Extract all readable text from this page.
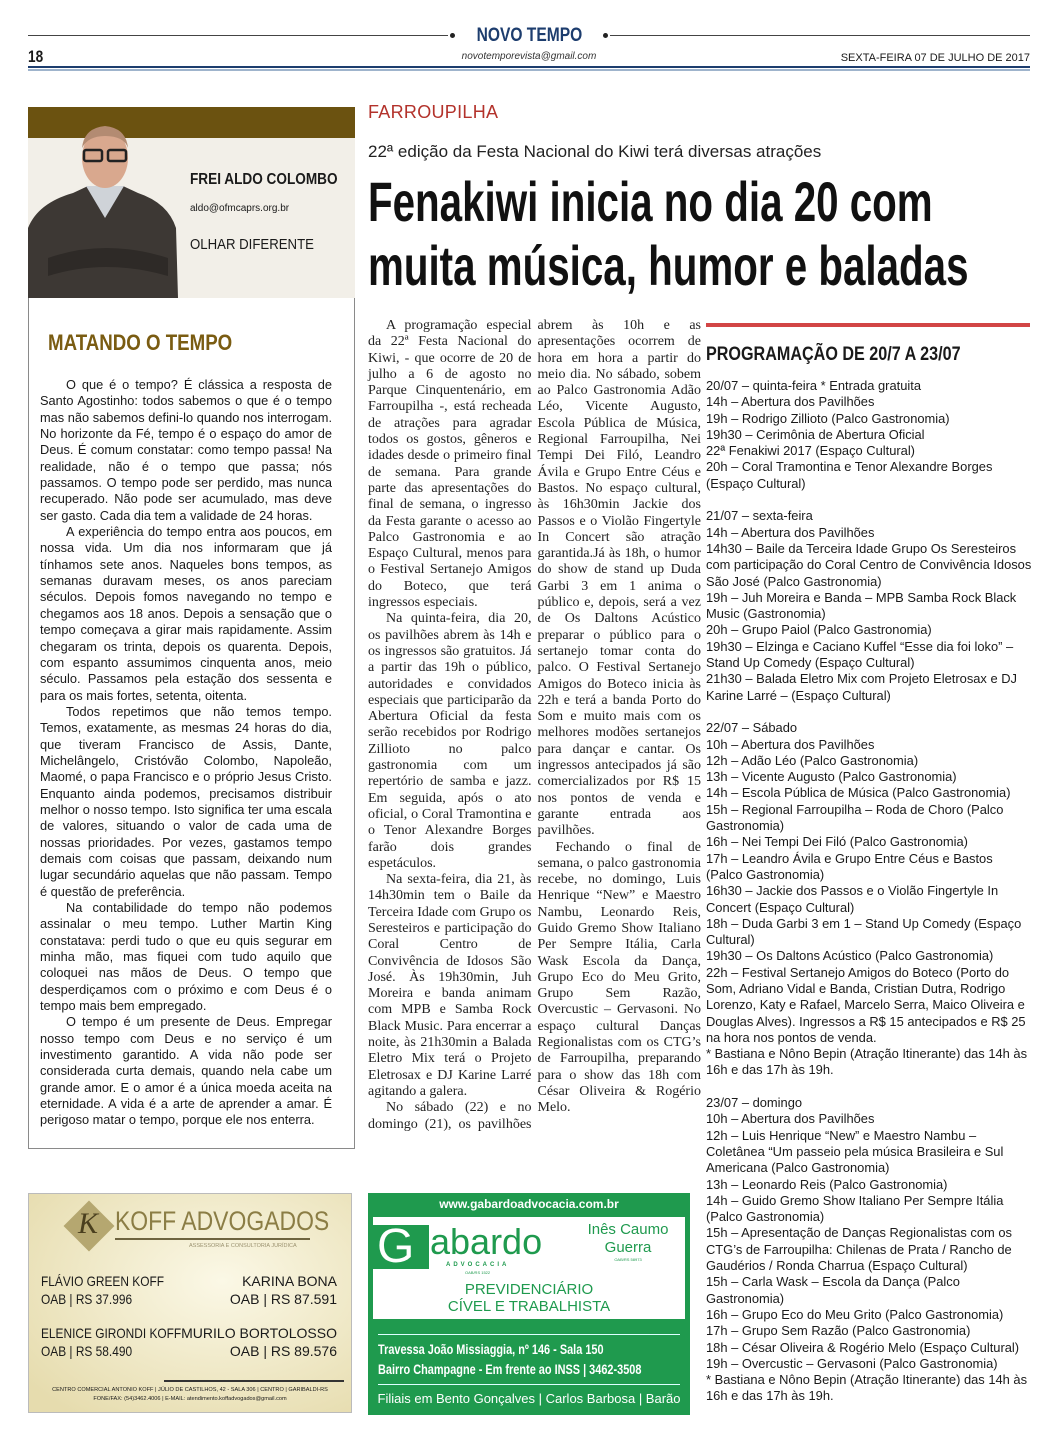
NOVO TEMPO
18	novotemporevista@gmail.com	SEXTA-FEIRA 07 DE JULHO DE 2017
FREI ALDO COLOMBO
aldo@ofmcaprs.org.br
OLHAR DIFERENTE
MATANDO O TEMPO

O que é o tempo? É clássica a resposta de Santo Agostinho: todos sabemos o que é o tempo mas não sabemos defini-lo quando nos interrogam. No horizonte da Fé, tempo é o espaço do amor de Deus. É comum constatar: como tempo passa! Na realidade, não é o tempo que passa; nós passamos. O tempo pode ser perdido, mas nunca recuperado. Não pode ser acumulado, mas deve ser gasto. Cada dia tem a validade de 24 horas.

A experiência do tempo entra aos poucos, em nossa vida. Um dia nos informaram que já tínhamos sete anos. Naqueles bons tempos, as semanas duravam meses, os anos pareciam séculos. Depois fomos navegando no tempo e chegamos aos 18 anos. Depois a sensação que o tempo começava a girar mais rapidamente. Assim chegaram os trinta, depois os quarenta. Depois, com espanto assumimos cinquenta anos, meio século. Passamos pela estação dos sessenta e para os mais fortes, setenta, oitenta.

Todos repetimos que não temos tempo. Temos, exatamente, as mesmas 24 horas do dia, que tiveram Francisco de Assis, Dante, Michelângelo, Cristóvão Colombo, Napoleão, Maomé, o papa Francisco e o próprio Jesus Cristo. Enquanto ainda podemos, precisamos distribuir melhor o nosso tempo. Isto significa ter uma escala de valores, situando o valor de cada uma de nossas prioridades. Por vezes, gastamos tempo demais com coisas que passam, deixando num lugar secundário aquelas que não passam. Tempo é questão de preferência.

Na contabilidade do tempo não podemos assinalar o meu tempo. Luther Martin King constatava: perdi tudo o que eu quis segurar em minha mão, mas fiquei com tudo aquilo que coloquei nas mãos de Deus. O tempo que desperdiçamos com o próximo e com Deus é o tempo mais bem empregado.

O tempo é um presente de Deus. Empregar nosso tempo com Deus e no serviço é um investimento garantido. A vida não pode ser considerada curta demais, quando nela cabe um grande amor. E o amor é a única moeda aceita na eternidade. A vida é a arte de aprender a amar. É perigoso matar o tempo, porque ele nos enterra.

FARROUPILHA
22ª edição da Festa Nacional do Kiwi terá diversas atrações
Fenakiwi inicia no dia 20 com
muita música, humor e baladas

A programação especial da 22ª Festa Nacional do Kiwi, - que ocorre de 20 de julho a 6 de agosto no Parque Cinquentenário, em Farroupilha -, está recheada de atrações para agradar todos os gostos, gêneros e idades desde o primeiro final de semana. Para grande parte das apresentações do final de semana, o ingresso da Festa garante o acesso ao Palco Gastronomia e ao Espaço Cultural, menos para o Festival Sertanejo Amigos do Boteco, que terá ingressos especiais.

Na quinta-feira, dia 20, os pavilhões abrem às 14h e os ingressos são gratuitos. Já a partir das 19h o público, autoridades e convidados especiais que participarão da Abertura Oficial da festa serão recebidos por Rodrigo Zillioto no palco gastronomia com um repertório de samba e jazz. Em seguida, após o ato oficial, o Coral Tramontina e o Tenor Alexandre Borges farão dois grandes espetáculos.

Na sexta-feira, dia 21, às 14h30min tem o Baile da Terceira Idade com Grupo os Seresteiros e participação do Coral Centro de Convivência de Idosos São José. Às 19h30min, Juh Moreira e banda animam com MPB e Samba Rock Black Music. Para encerrar a noite, às 21h30min a Balada Eletro Mix terá o Projeto Eletrosax e DJ Karine Larré agitando a galera.

No sábado (22) e no domingo (21), os pavilhões abrem às 10h e as apresentações ocorrem de hora em hora a partir do meio dia. No sábado, sobem ao Palco Gastronomia Adão Léo, Vicente Augusto, Escola Pública de Música, Regional Farroupilha, Nei Tempi Dei Filó, Leandro Ávila e Grupo Entre Céus e Bastos. No espaço cultural, às 16h30min Jackie dos Passos e o Violão Fingertyle In Concert são atração garantida.Já às 18h, o humor do show de stand up Duda Garbi 3 em 1 anima o público e, depois, será a vez de Os Daltons Acústico preparar o público para o sertanejo tomar conta do palco. O Festival Sertanejo Amigos do Boteco inicia às 22h e terá a banda Porto do Som e muito mais com os melhores modões sertanejos para dançar e cantar. Os ingressos antecipados já são comercializados por R$ 15 nos pontos de venda e garante entrada aos pavilhões.

Fechando o final de semana, o palco gastronomia recebe, no domingo, Luis Henrique “New” e Maestro Nambu, Leonardo Reis, Guido Gremo Show Italiano Per Sempre Itália, Carla Wask Escola da Dança, Grupo Eco do Meu Grito, Grupo Sem Razão, Overcustic – Gervasoni. No espaço cultural Danças Regionalistas com os CTG’s de Farroupilha, preparando para o show das 18h com César Oliveira & Rogério Melo.

PROGRAMAÇÃO DE 20/7 A 23/07
20/07 – quinta-feira * Entrada gratuita
14h – Abertura dos Pavilhões
19h – Rodrigo Zillioto (Palco Gastronomia)
19h30 – Cerimônia de Abertura Oficial
22ª Fenakiwi 2017 (Espaço Cultural)
20h – Coral Tramontina e Tenor Alexandre Borges (Espaço Cultural)
21/07 – sexta-feira
14h – Abertura dos Pavilhões
14h30 – Baile da Terceira Idade Grupo Os Seresteiros com participação do Coral Centro de Convivência Idosos São José (Palco Gastronomia)
19h – Juh Moreira e Banda – MPB Samba Rock Black Music (Gastronomia)
20h – Grupo Paiol (Palco Gastronomia)
19h30 – Elzinga e Caciano Kuffel “Esse dia foi loko” – Stand Up Comedy (Espaço Cultural)
21h30 – Balada Eletro Mix com Projeto Eletrosax e DJ Karine Larré – (Espaço Cultural)
22/07 – Sábado
10h – Abertura dos Pavilhões
12h – Adão Léo (Palco Gastronomia)
13h – Vicente Augusto (Palco Gastronomia)
14h – Escola Pública de Música (Palco Gastronomia)
15h – Regional Farroupilha – Roda de Choro (Palco Gastronomia)
16h – Nei Tempi Dei Filó (Palco Gastronomia)
17h – Leandro Ávila e Grupo Entre Céus e Bastos (Palco Gastronomia)
16h30 – Jackie dos Passos e o Violão Fingertyle In Concert (Espaço Cultural)
18h – Duda Garbi 3 em 1 – Stand Up Comedy (Espaço Cultural)
19h30 – Os Daltons Acústico (Palco Gastronomia)
22h – Festival Sertanejo Amigos do Boteco (Porto do Som, Adriano Vidal e Banda, Cristian Dutra, Rodrigo Lorenzo, Katy e Rafael, Marcelo Serra, Maico Oliveira e Douglas Alves). Ingressos a R$ 15 antecipados e R$ 25 na hora nos pontos de venda.
* Bastiana e Nôno Bepin (Atração Itinerante) das 14h às 16h e das 17h às 19h.
23/07 – domingo
10h – Abertura dos Pavilhões
12h – Luis Henrique “New” e Maestro Nambu – Coletânea “Um passeio pela música Brasileira e Sul Americana (Palco Gastronomia)
13h – Leonardo Reis (Palco Gastronomia)
14h – Guido Gremo Show Italiano Per Sempre Itália (Palco Gastronomia)
15h – Apresentação de Danças Regionalistas com os CTG’s de Farroupilha: Chilenas de Prata / Rancho de Gaudérios / Ronda Charrua (Espaço Cultural)
15h – Carla Wask – Escola da Dança (Palco Gastronomia)
16h – Grupo Eco do Meu Grito (Palco Gastronomia)
17h – Grupo Sem Razão (Palco Gastronomia)
18h – César Oliveira & Rogério Melo (Espaço Cultural)
19h – Overcustic – Gervasoni (Palco Gastronomia)
* Bastiana e Nôno Bepin (Atração Itinerante) das 14h às 16h e das 17h às 19h.
K KOFF ADVOGADOS
ASSESSORIA E CONSULTORIA JURÍDICA
FLÁVIO GREEN KOFF
OAB | RS 37.996
KARINA BONA
OAB | RS 87.591
ELENICE GIRONDI KOFF
OAB | RS 58.490
MURILO BORTOLOSSO
OAB | RS 89.576
CENTRO COMERCIAL ANTONIO KOFF | JÚLIO DE CASTILHOS, 42 - SALA 306 | CENTRO | GARIBALDI-RS
FONE/FAX: (54)3462.4006 | E-MAIL: atendimento.koffadvogados@gmail.com
www.gabardoadvocacia.com.br
G abardo
ADVOCACIA
OAB/RS 1522
Inês Caumo
Guerra
OAB/RS 58973
PREVIDENCIÁRIO
CÍVEL E TRABALHISTA
Travessa João Missiaggia, nº 146 - Sala 150
Bairro Champagne - Em frente ao INSS | 3462-3508
Filiais em Bento Gonçalves | Carlos Barbosa | Barão
